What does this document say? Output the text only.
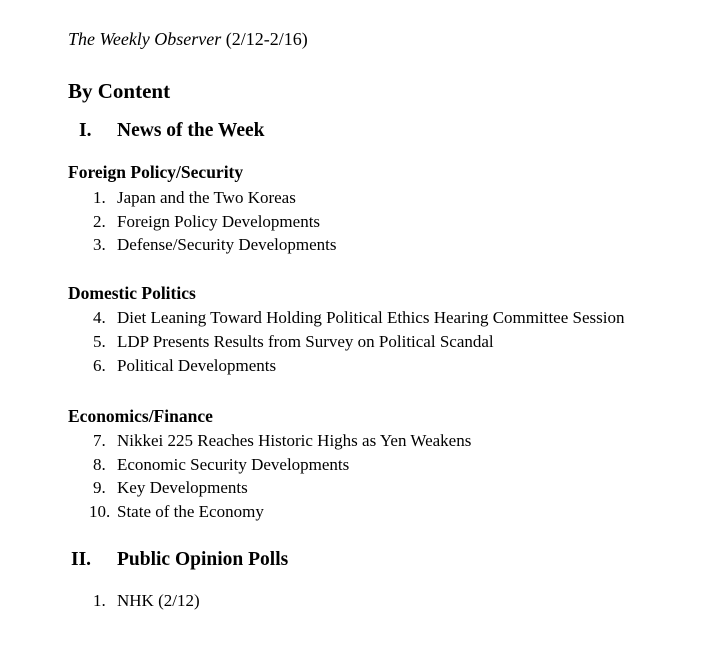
The Weekly Observer (2/12-2/16)
By Content
I. News of the Week
Foreign Policy/Security
1. Japan and the Two Koreas
2. Foreign Policy Developments
3. Defense/Security Developments
Domestic Politics
4. Diet Leaning Toward Holding Political Ethics Hearing Committee Session
5. LDP Presents Results from Survey on Political Scandal
6. Political Developments
Economics/Finance
7. Nikkei 225 Reaches Historic Highs as Yen Weakens
8. Economic Security Developments
9. Key Developments
10. State of the Economy
II. Public Opinion Polls
1. NHK (2/12)
